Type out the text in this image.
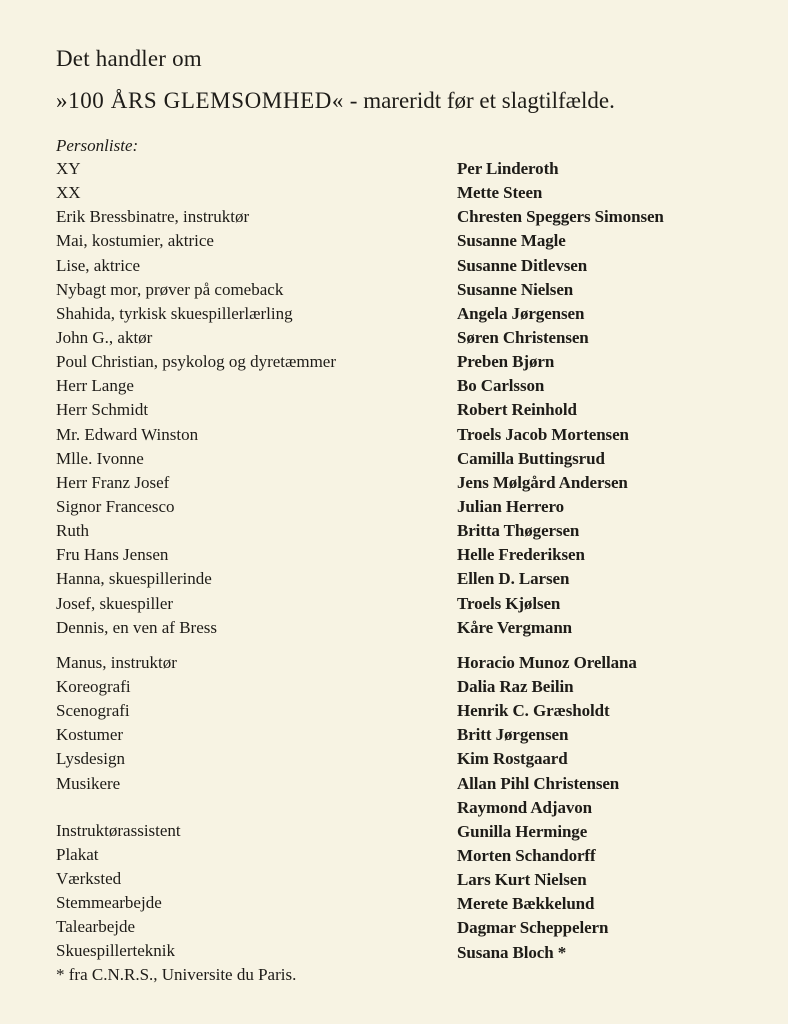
Det handler om
»100 ÅRS GLEMSOMHED« - mareridt før et slagtilfælde.
Personliste:
XY
XX
Erik Bressbinatre, instruktør
Mai, kostumier, aktrice
Lise, aktrice
Nybagt mor, prøver på comeback
Shahida, tyrkisk skuespillerlærling
John G., aktør
Poul Christian, psykolog og dyretæmmer
Herr Lange
Herr Schmidt
Mr. Edward Winston
Mlle. Ivonne
Herr Franz Josef
Signor Francesco
Ruth
Fru Hans Jensen
Hanna, skuespillerinde
Josef, skuespiller
Dennis, en ven af Bress
Manus, instruktør
Koreografi
Scenografi
Kostumer
Lysdesign
Musikere
Instruktørassistent
Plakat
Værksted
Stemmearbejde
Talearbejde
Skuespillerteknik
Per Linderoth
Mette Steen
Chresten Speggers Simonsen
Susanne Magle
Susanne Ditlevsen
Susanne Nielsen
Angela Jørgensen
Søren Christensen
Preben Bjørn
Bo Carlsson
Robert Reinhold
Troels Jacob Mortensen
Camilla Buttingsrud
Jens Mølgård Andersen
Julian Herrero
Britta Thøgersen
Helle Frederiksen
Ellen D. Larsen
Troels Kjølsen
Kåre Vergmann
Horacio Munoz Orellana
Dalia Raz Beilin
Henrik C. Græsholdt
Britt Jørgensen
Kim Rostgaard
Allan Pihl Christensen
Raymond Adjavon
Gunilla Herminge
Morten Schandorff
Lars Kurt Nielsen
Merete Bækkelund
Dagmar Scheppelern
Susana Bloch *
* fra C.N.R.S., Universite du Paris.
